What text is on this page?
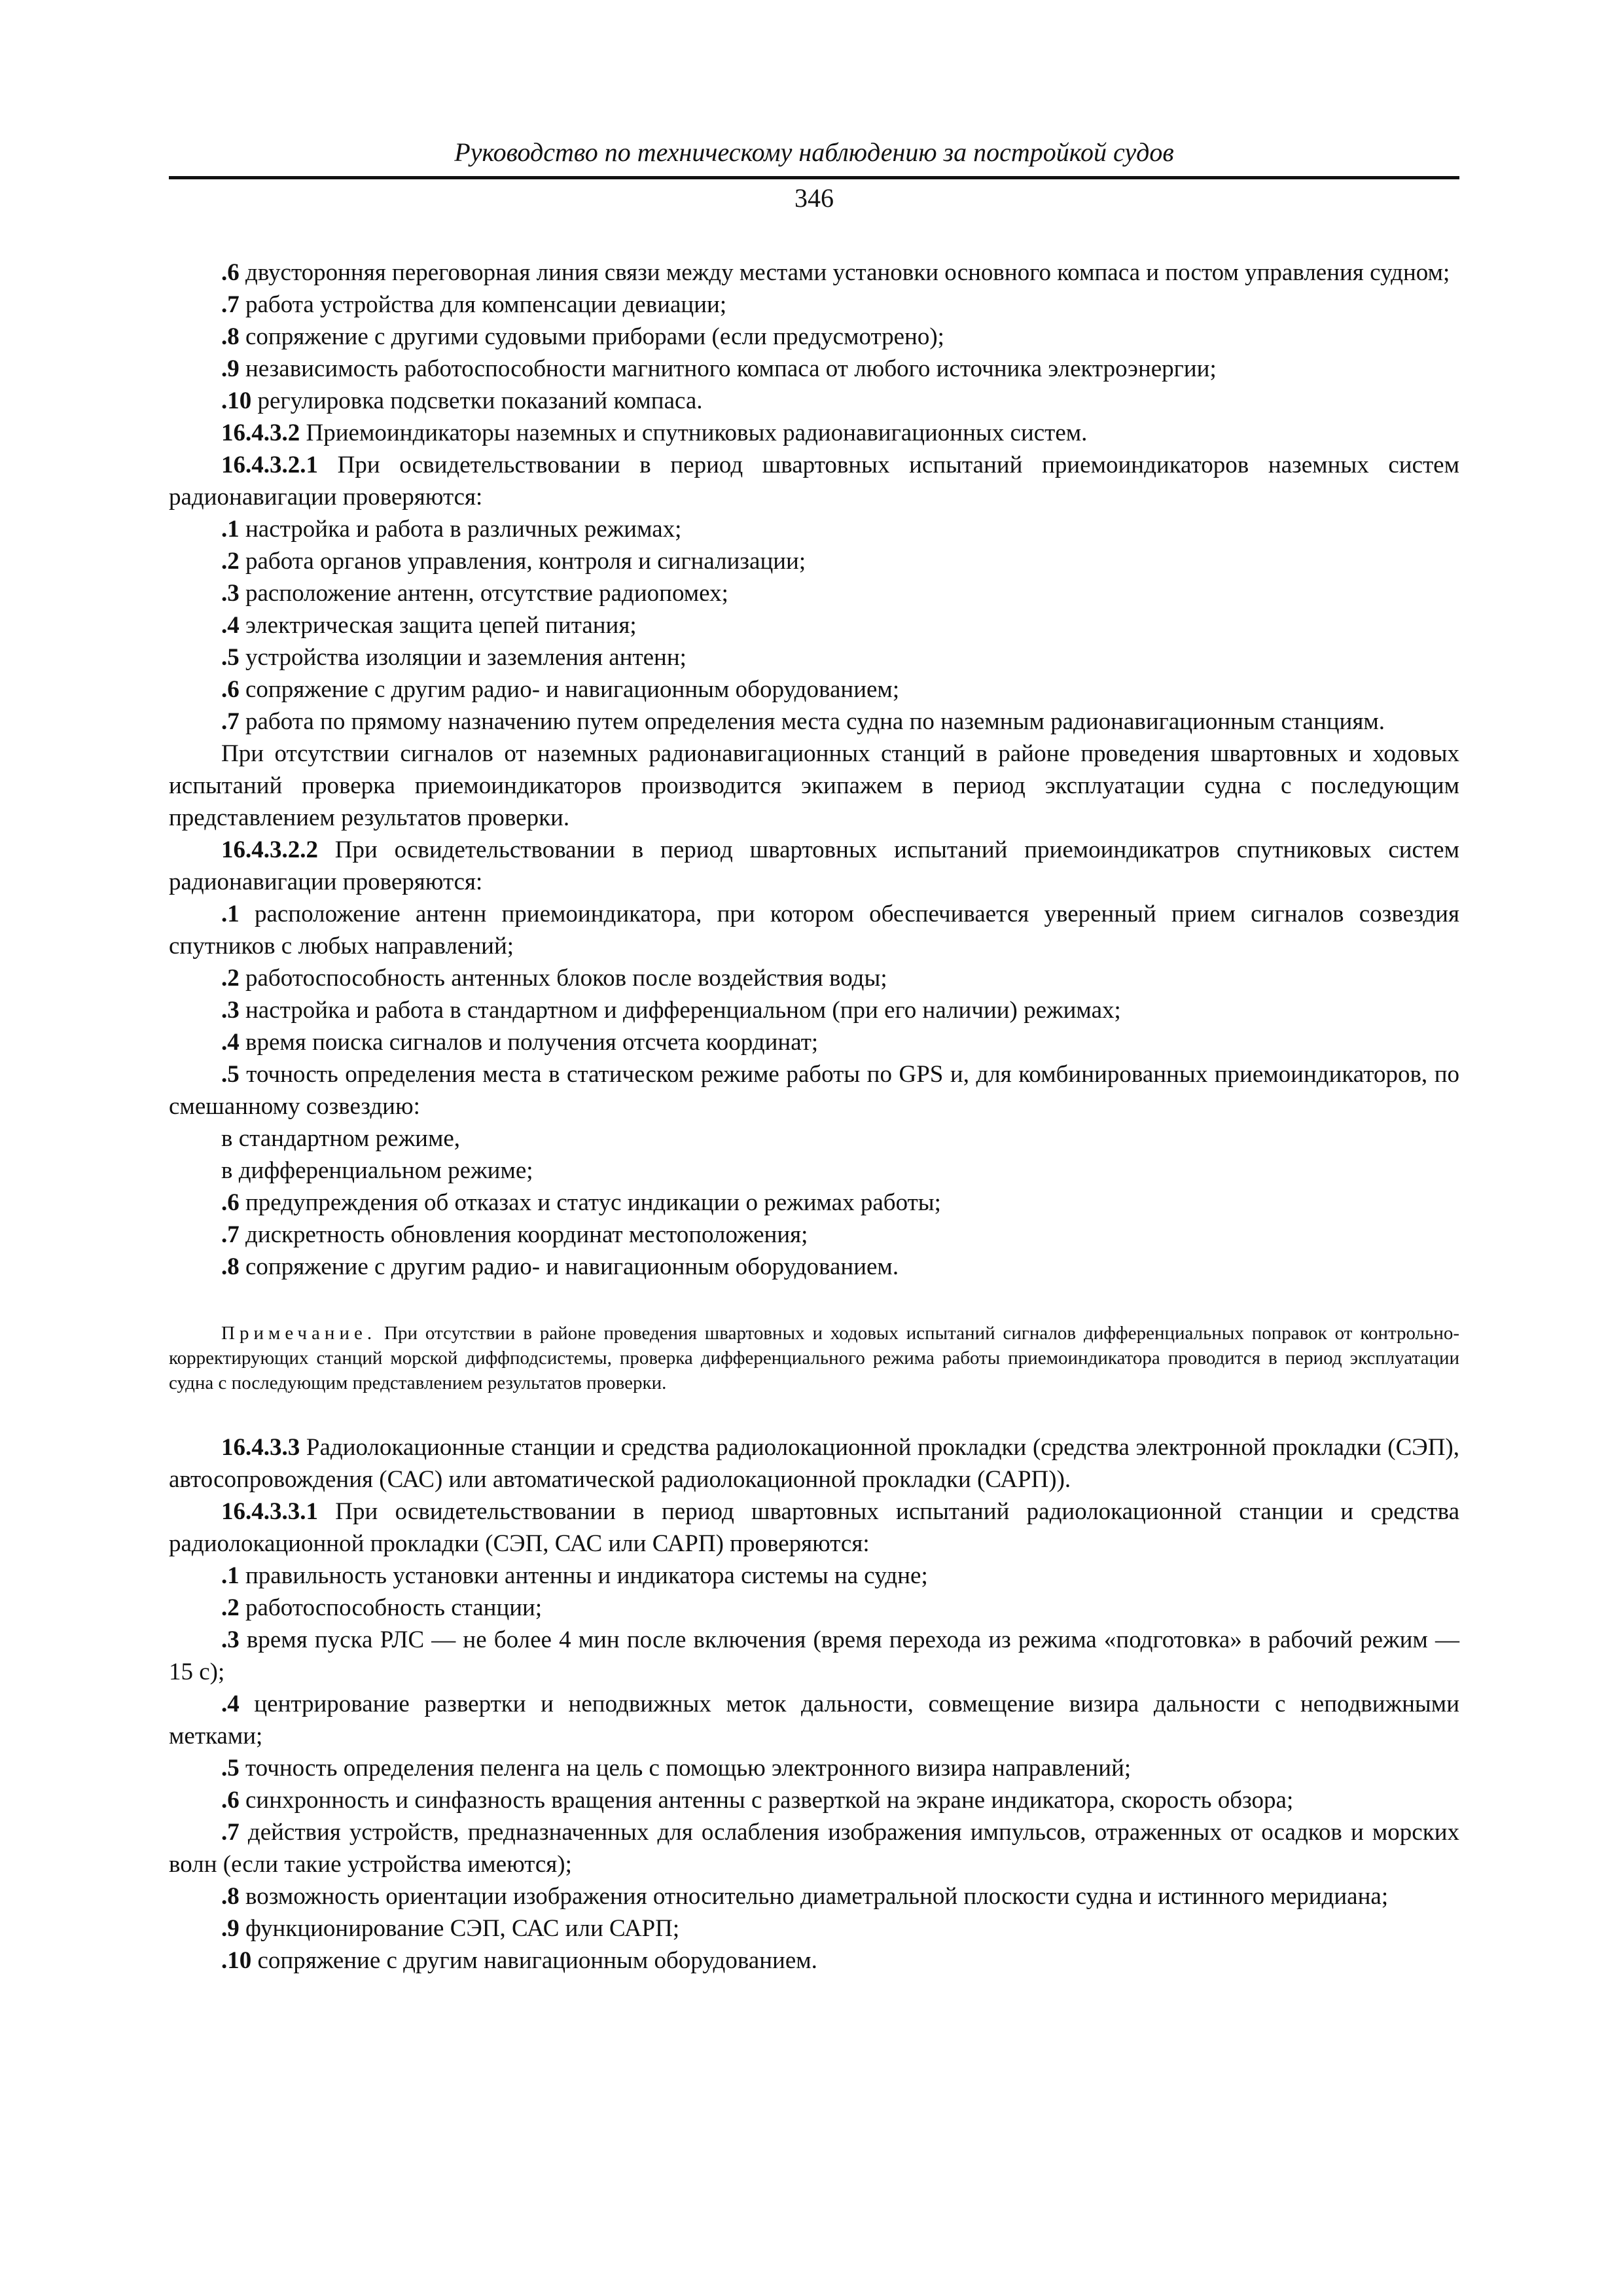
Руководство по техническому наблюдению за постройкой судов
346

.6 двусторонняя переговорная линия связи между местами установки основного компаса и постом управления судном;

.7 работа устройства для компенсации девиации;

.8 сопряжение с другими судовыми приборами (если предусмотрено);

.9 независимость работоспособности магнитного компаса от любого источника электроэнергии;

.10 регулировка подсветки показаний компаса.

16.4.3.2 Приемоиндикаторы наземных и спутниковых радионавигационных систем.

16.4.3.2.1 При освидетельствовании в период швартовных испытаний приемоиндикаторов наземных систем радионавигации проверяются:

.1 настройка и работа в различных режимах;

.2 работа органов управления, контроля и сигнализации;

.3 расположение антенн, отсутствие радиопомех;

.4 электрическая защита цепей питания;

.5 устройства изоляции и заземления антенн;

.6 сопряжение с другим радио- и навигационным оборудованием;

.7 работа по прямому назначению путем определения места судна по наземным радионавигационным станциям.

При отсутствии сигналов от наземных радионавигационных станций в районе проведения швартовных и ходовых испытаний проверка приемоиндикаторов производится экипажем в период эксплуатации судна с последующим представлением результатов проверки.

16.4.3.2.2 При освидетельствовании в период швартовных испытаний приемоиндикатров спутниковых систем радионавигации проверяются:

.1 расположение антенн приемоиндикатора, при котором обеспечивается уверенный прием сигналов созвездия спутников с любых направлений;

.2 работоспособность антенных блоков после воздействия воды;

.3 настройка и работа в стандартном и дифференциальном (при его наличии) режимах;

.4 время поиска сигналов и получения отсчета координат;

.5 точность определения места в статическом режиме работы по GPS и, для комбинированных приемоиндикаторов, по смешанному созвездию:

в стандартном режиме,

в дифференциальном режиме;

.6 предупреждения об отказах и статус индикации о режимах работы;

.7 дискретность обновления координат местоположения;

.8 сопряжение с другим радио- и навигационным оборудованием.

Примечание. При отсутствии в районе проведения швартовных и ходовых испытаний сигналов дифференциальных поправок от контрольно-корректирующих станций морской диффподсистемы, проверка дифференциального режима работы приемоиндикатора проводится в период эксплуатации судна с последующим представлением результатов проверки.

16.4.3.3 Радиолокационные станции и средства радиолокационной прокладки (средства электронной прокладки (СЭП), автосопровождения (САС) или автоматической радиолокационной прокладки (САРП)).

16.4.3.3.1 При освидетельствовании в период швартовных испытаний радиолокационной станции и средства радиолокационной прокладки (СЭП, САС или САРП) проверяются:

.1 правильность установки антенны и индикатора системы на судне;

.2 работоспособность станции;

.3 время пуска РЛС — не более 4 мин после включения (время перехода из режима «подготовка» в рабочий режим — 15 с);

.4 центрирование развертки и неподвижных меток дальности, совмещение визира дальности с неподвижными метками;

.5 точность определения пеленга на цель с помощью электронного визира направлений;

.6 синхронность и синфазность вращения антенны с разверткой на экране индикатора, скорость обзора;

.7 действия устройств, предназначенных для ослабления изображения импульсов, отраженных от осадков и морских волн (если такие устройства имеются);

.8 возможность ориентации изображения относительно диаметральной плоскости судна и истинного меридиана;

.9 функционирование СЭП, САС или САРП;

.10 сопряжение с другим навигационным оборудованием.
